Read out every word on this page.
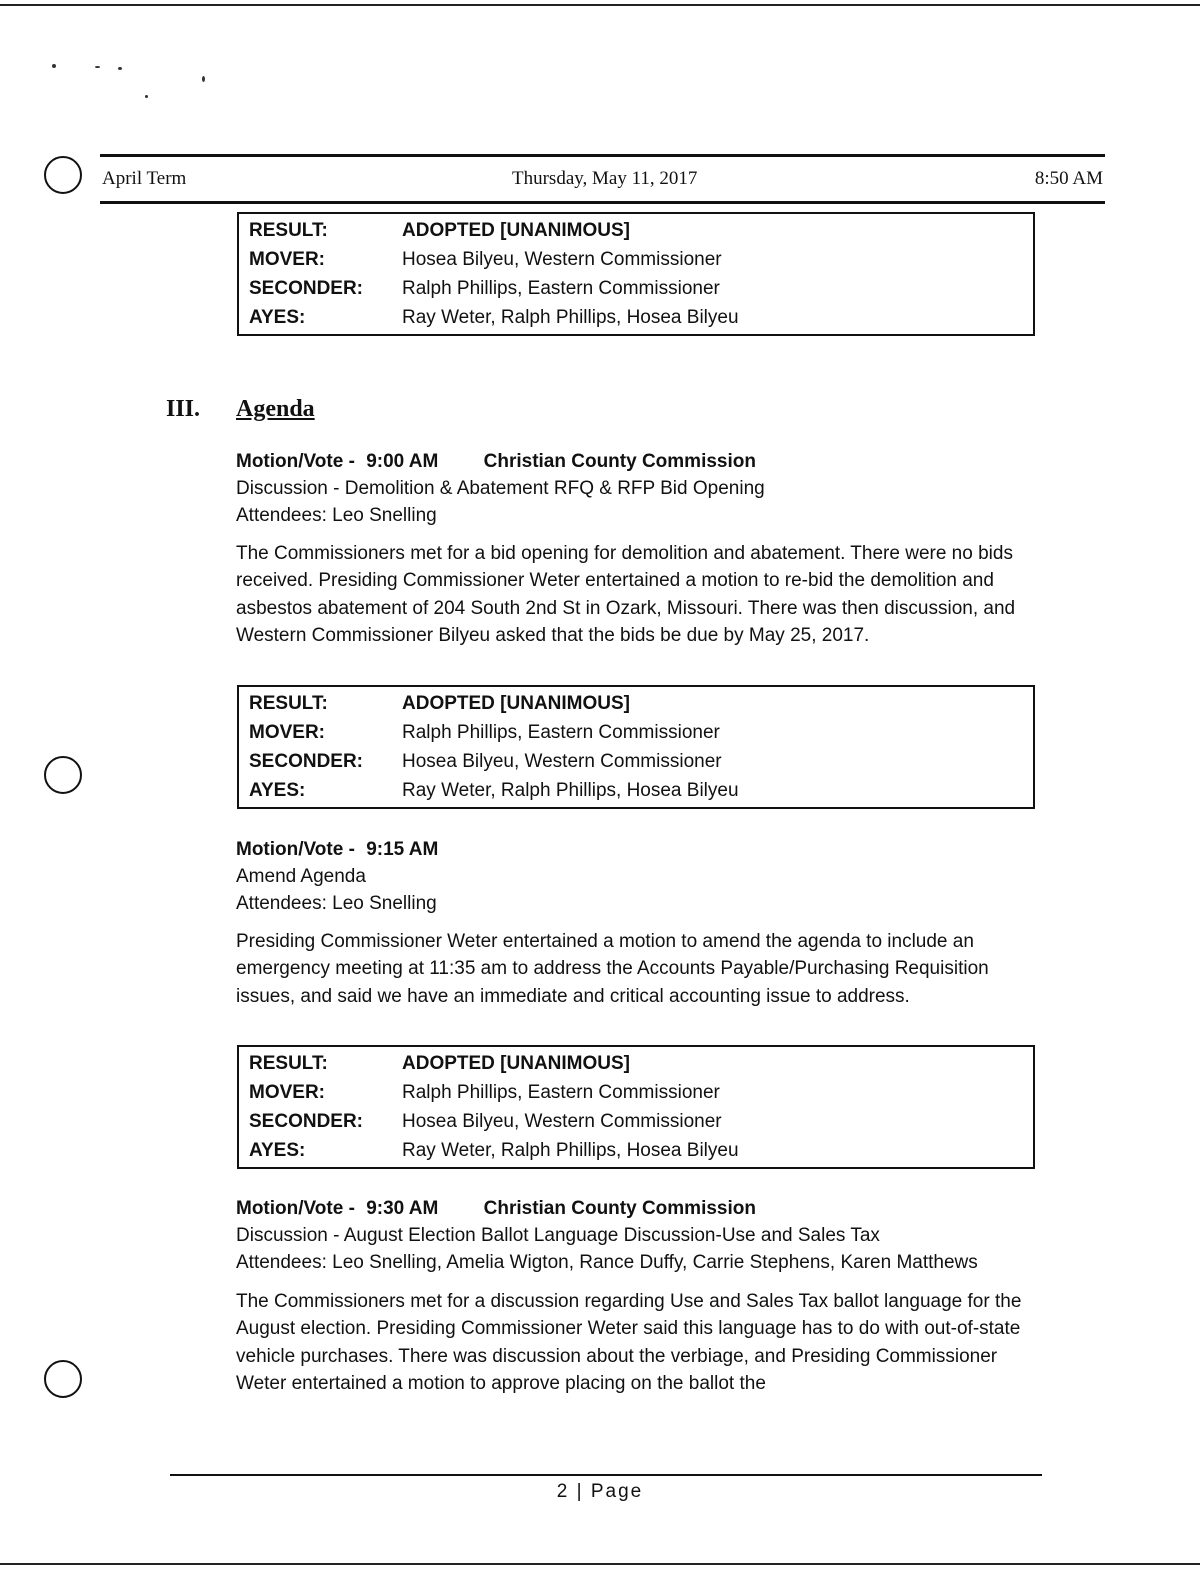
April Term	Thursday, May 11, 2017	8:50 AM
RESULT:	ADOPTED [UNANIMOUS]
MOVER:	Hosea Bilyeu, Western Commissioner
SECONDER: Ralph Phillips, Eastern Commissioner
AYES:	Ray Weter, Ralph Phillips, Hosea Bilyeu
III. Agenda
Motion/Vote - 9:00 AM Christian County Commission
Discussion - Demolition & Abatement RFQ & RFP Bid Opening
Attendees: Leo Snelling
The Commissioners met for a bid opening for demolition and abatement. There were no bids received. Presiding Commissioner Weter entertained a motion to re-bid the demolition and asbestos abatement of 204 South 2nd St in Ozark, Missouri. There was then discussion, and Western Commissioner Bilyeu asked that the bids be due by May 25, 2017.
RESULT:	ADOPTED [UNANIMOUS]
MOVER:	Ralph Phillips, Eastern Commissioner
SECONDER: Hosea Bilyeu, Western Commissioner
AYES:	Ray Weter, Ralph Phillips, Hosea Bilyeu
Motion/Vote - 9:15 AM
Amend Agenda
Attendees: Leo Snelling
Presiding Commissioner Weter entertained a motion to amend the agenda to include an emergency meeting at 11:35 am to address the Accounts Payable/Purchasing Requisition issues, and said we have an immediate and critical accounting issue to address.
RESULT:	ADOPTED [UNANIMOUS]
MOVER:	Ralph Phillips, Eastern Commissioner
SECONDER: Hosea Bilyeu, Western Commissioner
AYES:	Ray Weter, Ralph Phillips, Hosea Bilyeu
Motion/Vote - 9:30 AM Christian County Commission
Discussion - August Election Ballot Language Discussion-Use and Sales Tax
Attendees: Leo Snelling, Amelia Wigton, Rance Duffy, Carrie Stephens, Karen Matthews
The Commissioners met for a discussion regarding Use and Sales Tax ballot language for the August election. Presiding Commissioner Weter said this language has to do with out-of-state vehicle purchases. There was discussion about the verbiage, and Presiding Commissioner Weter entertained a motion to approve placing on the ballot the
2 | Page
